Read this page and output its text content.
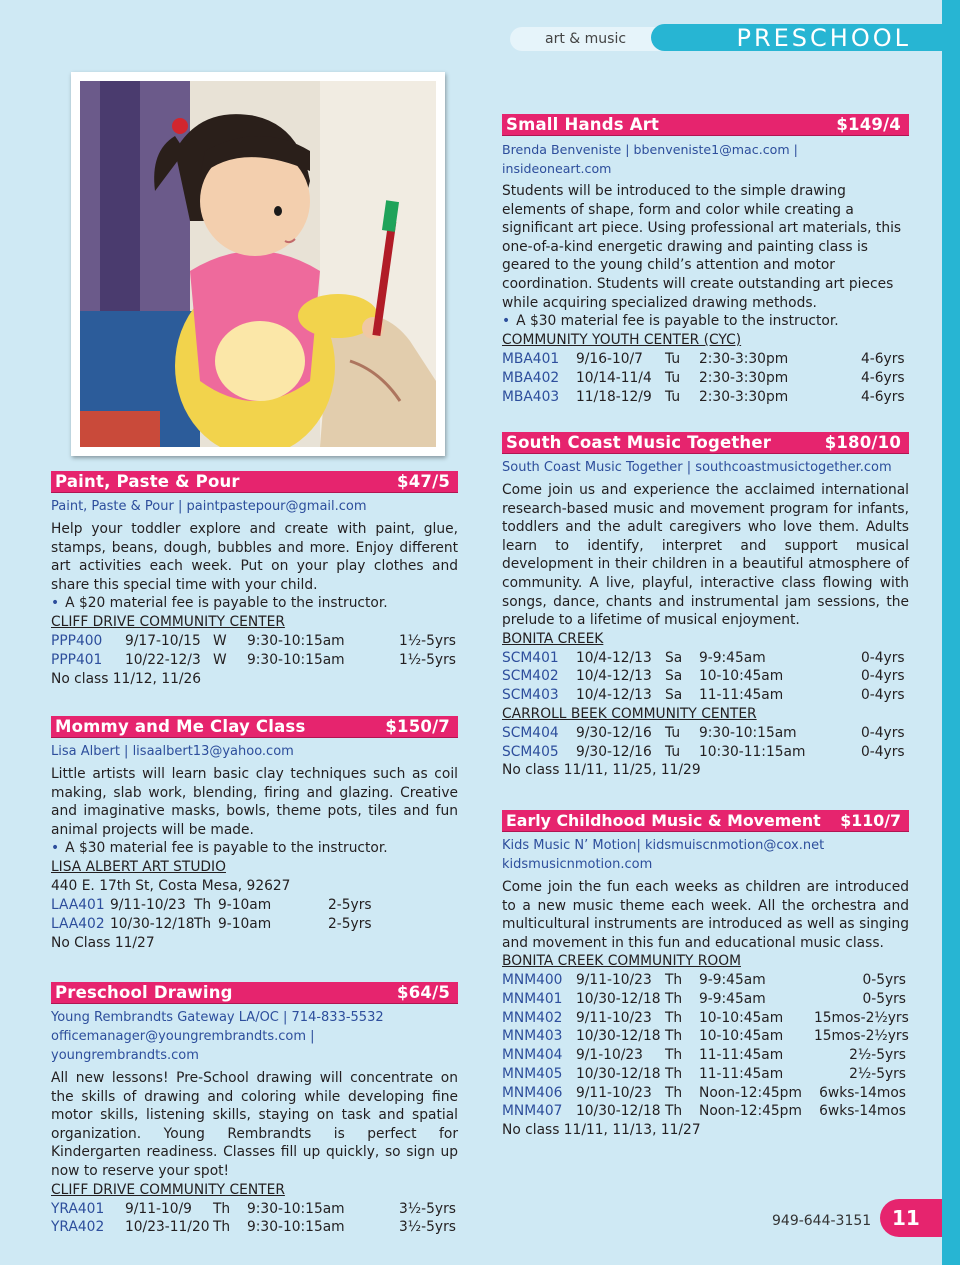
art & music	PRESCHOOL
Paint, Paste & Pour	$47/5
Paint, Paste & Pour | paintpastepour@gmail.com
Help your toddler explore and create with paint, glue, stamps, beans, dough, bubbles and more. Enjoy different art activities each week. Put on your play clothes and share this special time with your child.
• A $20 material fee is payable to the instructor.
CLIFF DRIVE COMMUNITY CENTER
PPP400	9/17-10/15 W	9:30-10:15am	1½-5yrs
PPP401	10/22-12/3 W	9:30-10:15am	1½-5yrs
No class 11/12, 11/26
Mommy and Me Clay Class	$150/7
Lisa Albert | lisaalbert13@yahoo.com
Little artists will learn basic clay techniques such as coil making, slab work, blending, firing and glazing. Creative and imaginative masks, bowls, theme pots, tiles and fun animal projects will be made.
• A $30 material fee is payable to the instructor.
LISA ALBERT ART STUDIO
440 E. 17th St, Costa Mesa, 92627
LAA401 9/11-10/23 Th 9-10am	2-5yrs
LAA402 10/30-12/18 Th 9-10am	2-5yrs
No Class 11/27
Preschool Drawing	$64/5
Young Rembrandts Gateway LA/OC | 714-833-5532
officemanager@youngrembrandts.com | youngrembrandts.com
All new lessons! Pre-School drawing will concentrate on the skills of drawing and coloring while developing fine motor skills, listening skills, staying on task and spatial organization. Young Rembrandts is perfect for Kindergarten readiness. Classes fill up quickly, so sign up now to reserve your spot!
CLIFF DRIVE COMMUNITY CENTER
YRA401	9/11-10/9	Th	9:30-10:15am	3½-5yrs
YRA402	10/23-11/20 Th	9:30-10:15am	3½-5yrs
Small Hands Art	$149/4
Brenda Benveniste | bbenveniste1@mac.com | insideoneart.com
Students will be introduced to the simple drawing elements of shape, form and color while creating a significant art piece. Using professional art materials, this one-of-a-kind energetic drawing and painting class is geared to the young child’s attention and motor coordination. Students will create outstanding art pieces while acquiring specialized drawing methods.
• A $30 material fee is payable to the instructor.
COMMUNITY YOUTH CENTER (CYC)
MBA401	9/16-10/7	Tu	2:30-3:30pm	4-6yrs
MBA402	10/14-11/4 Tu	2:30-3:30pm	4-6yrs
MBA403	11/18-12/9 Tu	2:30-3:30pm	4-6yrs
South Coast Music Together	$180/10
South Coast Music Together | southcoastmusictogether.com
Come join us and experience the acclaimed international research-based music and movement program for infants, toddlers and the adult caregivers who love them. Adults learn to identify, interpret and support musical development in their children in a beautiful atmosphere of community. A live, playful, interactive class flowing with songs, dance, chants and instrumental jam sessions, the prelude to a lifetime of musical enjoyment.
BONITA CREEK
SCM401	10/4-12/13 Sa	9-9:45am	0-4yrs
SCM402	10/4-12/13 Sa	10-10:45am	0-4yrs
SCM403	10/4-12/13 Sa	11-11:45am	0-4yrs
CARROLL BEEK COMMUNITY CENTER
SCM404	9/30-12/16 Tu	9:30-10:15am	0-4yrs
SCM405	9/30-12/16 Tu	10:30-11:15am	0-4yrs
No class 11/11, 11/25, 11/29
Early Childhood Music & Movement $110/7
Kids Music N’ Motion| kidsmuiscnmotion@cox.net
kidsmusicnmotion.com
Come join the fun each weeks as children are introduced to a new music theme each week. All the orchestra and multicultural instruments are introduced as well as singing and movement in this fun and educational music class.
BONITA CREEK COMMUNITY ROOM
MNM400 9/11-10/23 Th	9-9:45am	0-5yrs
MNM401 10/30-12/18 Th	9-9:45am	0-5yrs
MNM402 9/11-10/23 Th	10-10:45am	15mos-2½yrs
MNM403 10/30-12/18 Th	10-10:45am	15mos-2½yrs
MNM404 9/1-10/23	Th	11-11:45am	2½-5yrs
MNM405 10/30-12/18 Th	11-11:45am	2½-5yrs
MNM406 9/11-10/23 Th	Noon-12:45pm	6wks-14mos
MNM407 10/30-12/18 Th	Noon-12:45pm	6wks-14mos
No class 11/11, 11/13, 11/27
949-644-3151	11
